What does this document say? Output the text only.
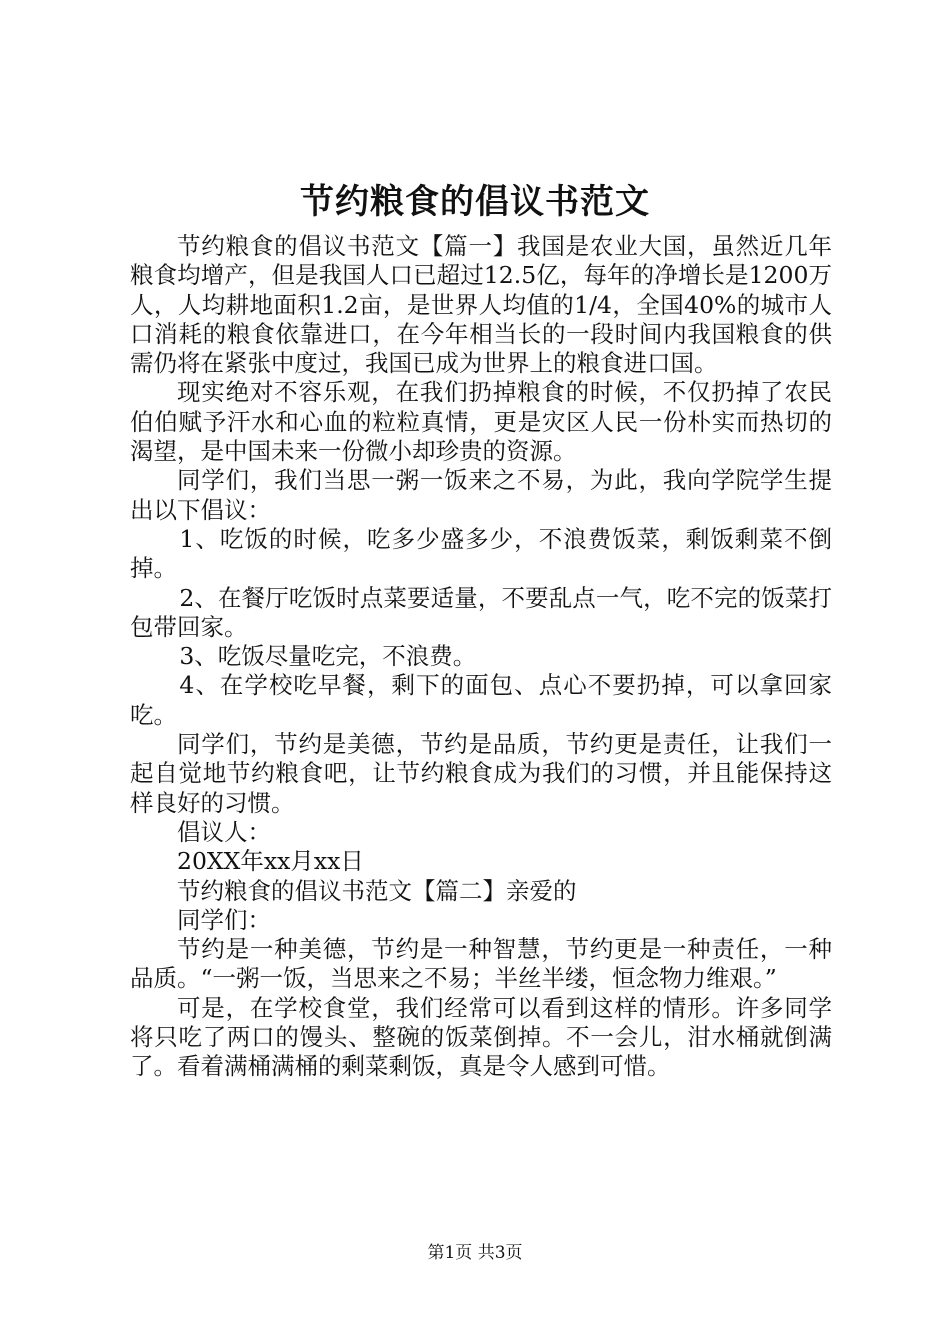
节约粮食的倡议书范文

节约粮食的倡议书范文【篇一】我国是农业大国，虽然近几年粮食均增产，但是我国人口已超过12.5亿，每年的净增长是1200万人，人均耕地面积1.2亩，是世界人均值的1/4，全国40%的城市人口消耗的粮食依靠进口，在今年相当长的一段时间内我国粮食的供需仍将在紧张中度过，我国已成为世界上的粮食进口国。

现实绝对不容乐观，在我们扔掉粮食的时候，不仅扔掉了农民伯伯赋予汗水和心血的粒粒真情，更是灾区人民一份朴实而热切的渴望，是中国未来一份微小却珍贵的资源。

同学们，我们当思一粥一饭来之不易，为此，我向学院学生提出以下倡议：

1、吃饭的时候，吃多少盛多少，不浪费饭菜，剩饭剩菜不倒掉。

2、在餐厅吃饭时点菜要适量，不要乱点一气，吃不完的饭菜打包带回家。

3、吃饭尽量吃完，不浪费。

4、在学校吃早餐，剩下的面包、点心不要扔掉，可以拿回家吃。

同学们，节约是美德，节约是品质，节约更是责任，让我们一起自觉地节约粮食吧，让节约粮食成为我们的习惯，并且能保持这样良好的习惯。

倡议人：

20XX年xx月xx日

节约粮食的倡议书范文【篇二】亲爱的

同学们：

节约是一种美德，节约是一种智慧，节约更是一种责任，一种品质。“一粥一饭，当思来之不易；半丝半缕，恒念物力维艰。”

可是，在学校食堂，我们经常可以看到这样的情形。许多同学将只吃了两口的馒头、整碗的饭菜倒掉。不一会儿，泔水桶就倒满了。看着满桶满桶的剩菜剩饭，真是令人感到可惜。

第1页 共3页
